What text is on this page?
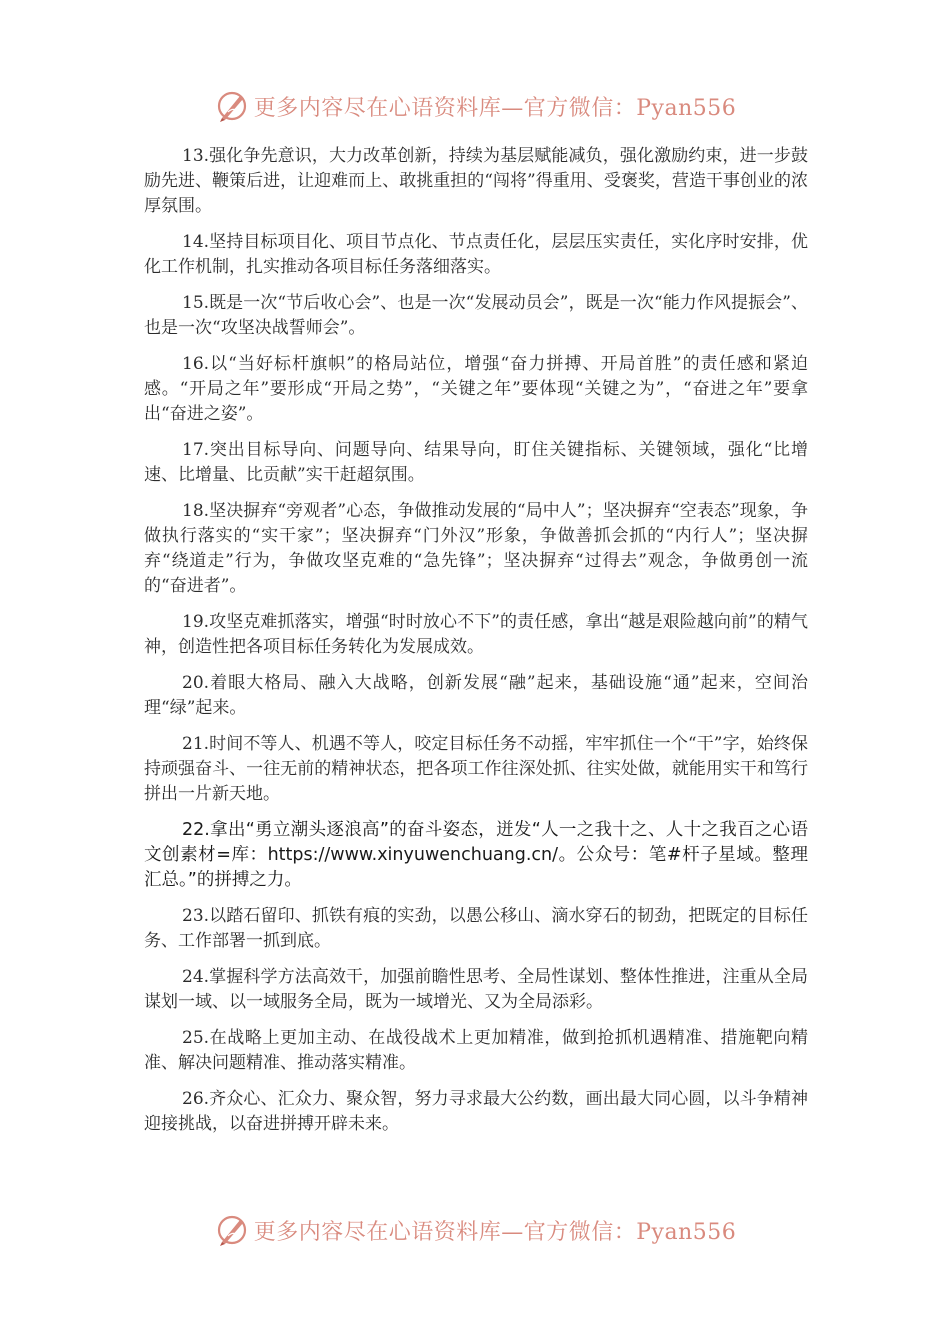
更多内容尽在心语资料库—官方微信：Pyan556

13.强化争先意识，大力改革创新，持续为基层赋能减负，强化激励约束，进一步鼓励先进、鞭策后进，让迎难而上、敢挑重担的“闯将”得重用、受褒奖，营造干事创业的浓厚氛围。

14.坚持目标项目化、项目节点化、节点责任化，层层压实责任，实化序时安排，优化工作机制，扎实推动各项目标任务落细落实。

15.既是一次“节后收心会”、也是一次“发展动员会”，既是一次“能力作风提振会”、也是一次“攻坚决战誓师会”。

16.以“当好标杆旗帜”的格局站位，增强“奋力拼搏、开局首胜”的责任感和紧迫感。“开局之年”要形成“开局之势”，“关键之年”要体现“关键之为”，“奋进之年”要拿出“奋进之姿”。

17.突出目标导向、问题导向、结果导向，盯住关键指标、关键领域，强化“比增速、比增量、比贡献”实干赶超氛围。

18.坚决摒弃“旁观者”心态，争做推动发展的“局中人”；坚决摒弃“空表态”现象，争做执行落实的“实干家”；坚决摒弃“门外汉”形象，争做善抓会抓的“内行人”；坚决摒弃“绕道走”行为，争做攻坚克难的“急先锋”；坚决摒弃“过得去”观念，争做勇创一流的“奋进者”。

19.攻坚克难抓落实，增强“时时放心不下”的责任感，拿出“越是艰险越向前”的精气神，创造性把各项目标任务转化为发展成效。

20.着眼大格局、融入大战略，创新发展“融”起来，基础设施“通”起来，空间治理“绿”起来。

21.时间不等人、机遇不等人，咬定目标任务不动摇，牢牢抓住一个“干”字，始终保持顽强奋斗、一往无前的精神状态，把各项工作往深处抓、往实处做，就能用实干和笃行拼出一片新天地。

22.拿出“勇立潮头逐浪高”的奋斗姿态，迸发“人一之我十之、人十之我百之心语文创素材=库：https://www.xinyuwenchuang.cn/。公众号：笔#杆子星域。整理汇总。”的拼搏之力。

23.以踏石留印、抓铁有痕的实劲，以愚公移山、滴水穿石的韧劲，把既定的目标任务、工作部署一抓到底。

24.掌握科学方法高效干，加强前瞻性思考、全局性谋划、整体性推进，注重从全局谋划一域、以一域服务全局，既为一域增光、又为全局添彩。

25.在战略上更加主动、在战役战术上更加精准，做到抢抓机遇精准、措施靶向精准、解决问题精准、推动落实精准。

26.齐众心、汇众力、聚众智，努力寻求最大公约数，画出最大同心圆，以斗争精神迎接挑战，以奋进拼搏开辟未来。

更多内容尽在心语资料库—官方微信：Pyan556
